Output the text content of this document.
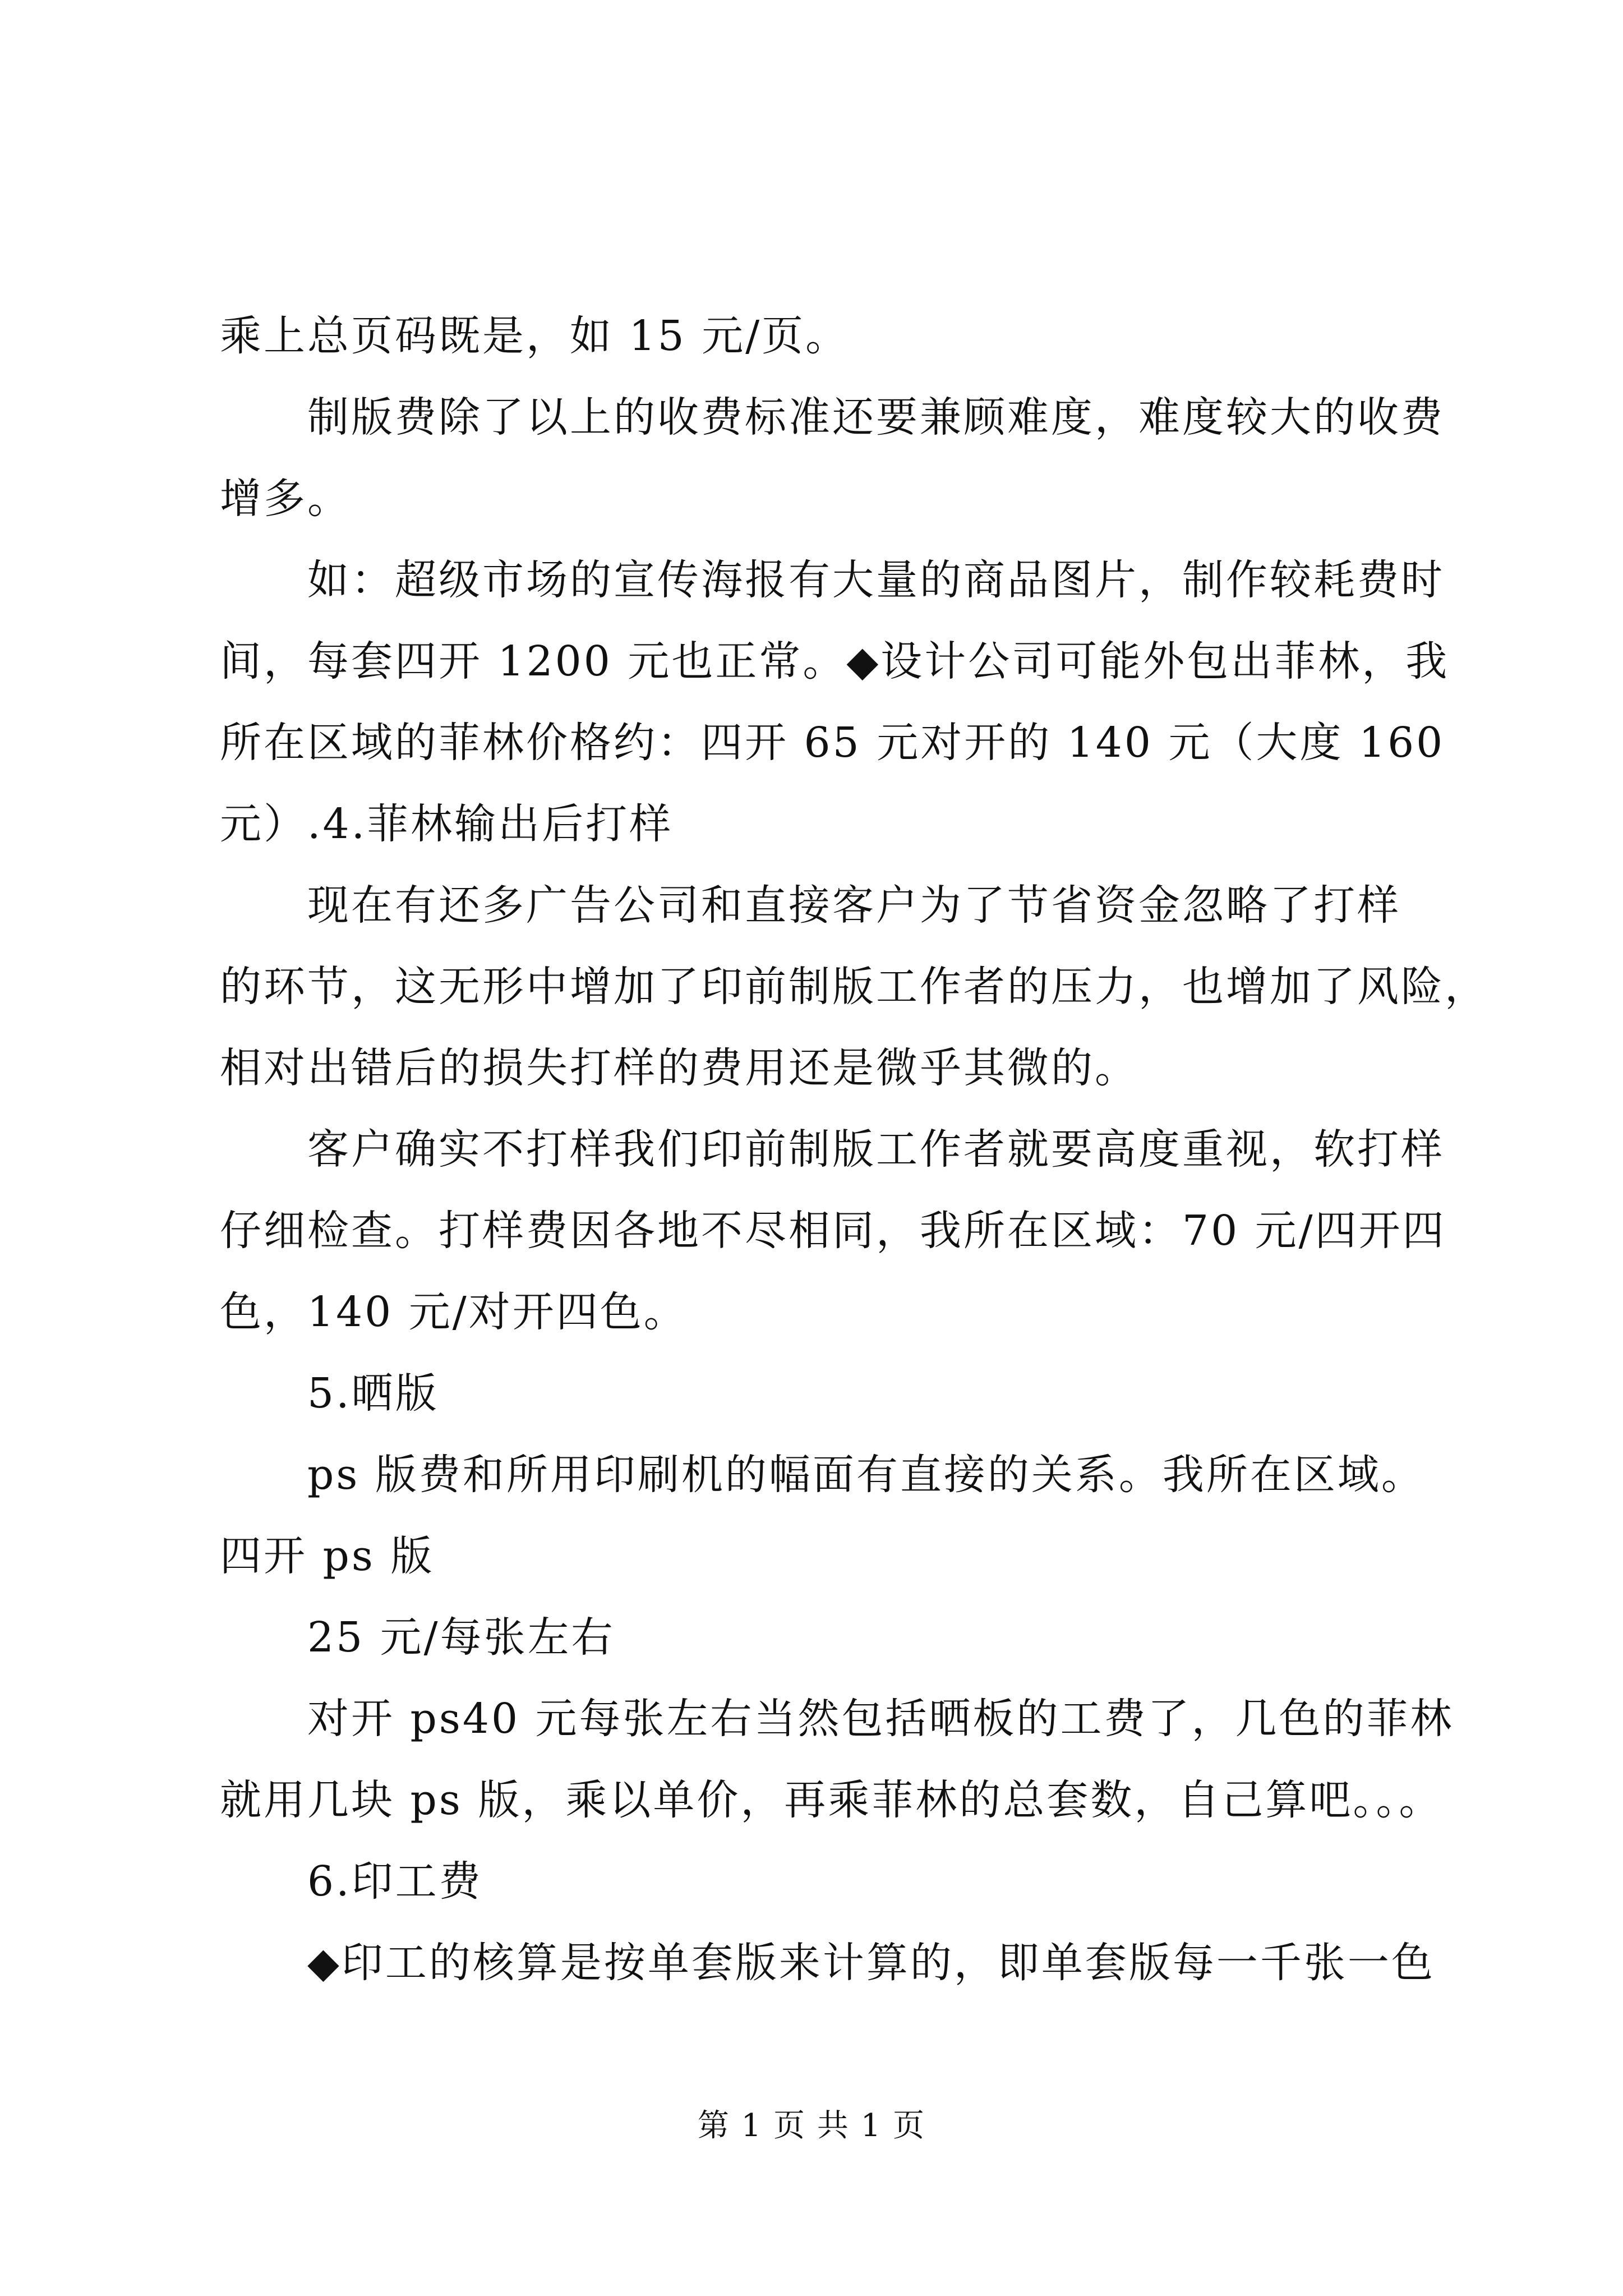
乘上总页码既是，如 15 元/页。
制版费除了以上的收费标准还要兼顾难度，难度较大的收费
增多。
如：超级市场的宣传海报有大量的商品图片，制作较耗费时
间，每套四开 1200 元也正常。◆设计公司可能外包出菲林，我
所在区域的菲林价格约：四开 65 元对开的 140 元（大度 160
元）.4.菲林输出后打样
现在有还多广告公司和直接客户为了节省资金忽略了打样
的环节，这无形中增加了印前制版工作者的压力，也增加了风险，
相对出错后的损失打样的费用还是微乎其微的。
客户确实不打样我们印前制版工作者就要高度重视，软打样
仔细检查。打样费因各地不尽相同，我所在区域：70 元/四开四
色，140 元/对开四色。
5.晒版
ps 版费和所用印刷机的幅面有直接的关系。我所在区域。
四开 ps 版
25 元/每张左右
对开 ps40 元每张左右当然包括晒板的工费了，几色的菲林
就用几块 ps 版，乘以单价，再乘菲林的总套数，自己算吧。。。
6.印工费
◆印工的核算是按单套版来计算的，即单套版每一千张一色
第 1 页 共 1 页
